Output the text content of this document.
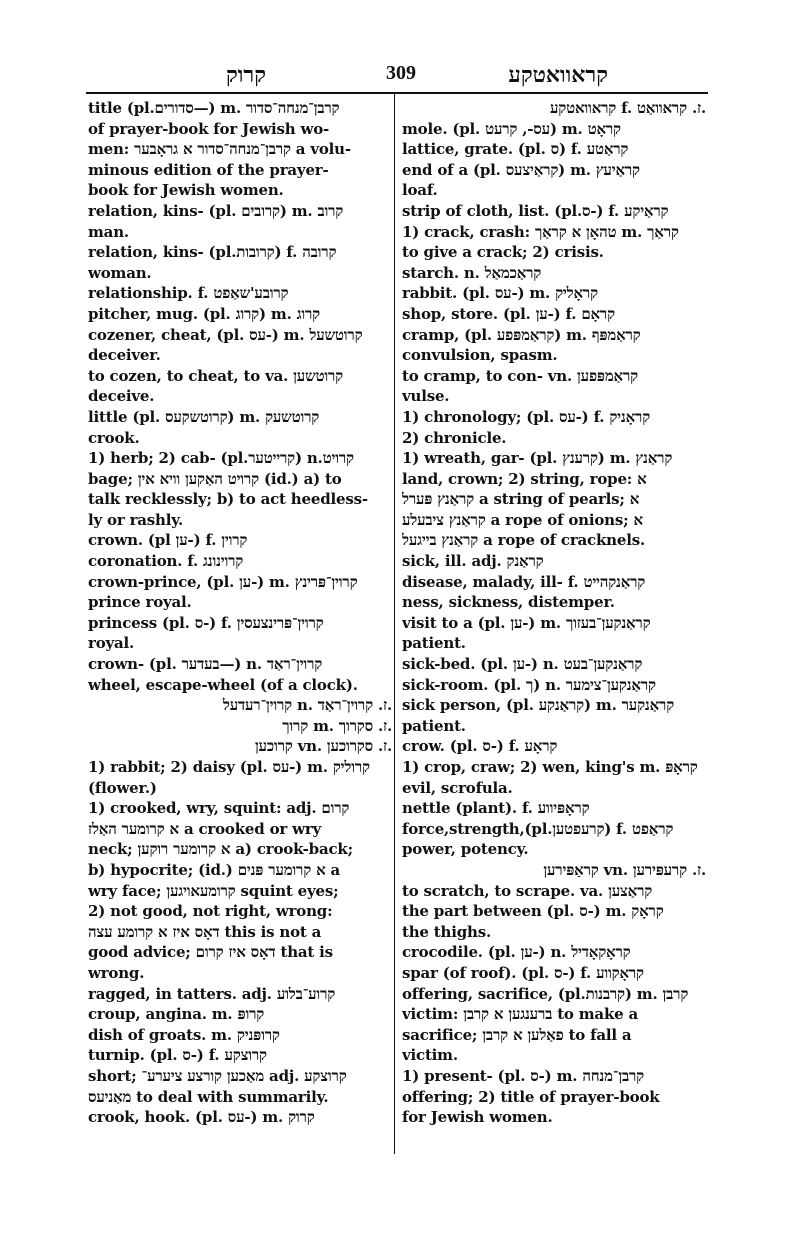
קרוק	309	קראוואטקע
title (pl.סדורים—) m. קרבן־מנחה־סדור
of prayer-book for Jewish wo-
men: קרבן־מנחה־סדור א גראָבער a volu-
minous edition of the prayer-
book for Jewish women.
relation, kins- (pl. קרובים) m. קרוב
man.
relation, kins- (pl.קרובות) f. קרובה
woman.
relationship. f. קרובע'שאַפט
pitcher, mug. (pl. קרוג) m. קרוג
cozener, cheat, (pl. עס-) m. קרוטשעל
deceiver.
to cozen, to cheat, to va. קרוטשען
deceive.
little (pl. קרוטשקעס) m. קרוטשעק
crook.
1) herb; 2) cab- (pl.קרייטער) n.קרויט
bage; קרויט האַקען וויא אין (id.) a) to
talk recklessly; b) to act heedless-
ly or rashly.
crown. (pl ען-) f. קרוין
coronation. f. קרוינונג
crown-prince, (pl. ען-) m. קרוין־פּרינץ
prince royal.
princess (pl. ס-) f. קרוין־פּרינצעסין
royal.
crown- (pl. בעדער—) n. קרוין־ראַד
wheel, escape-wheel (of a clock).
קרוין־רעדעל n. ז. קרוין־ראַד.
קרוך m. ז. סקרוך.
קרוכען vn. ז. סקרוכען.
1) rabbit; 2) daisy (pl. עס-) m. קרוליק
(flower.)
1) crooked, wry, squint: adj. קרום
א קרומער האַלז a crooked or wry
neck; א קרומער רוקען a) crook-back;
b) hypocrite; (id.) א קרומער פּנים a
wry face; קרומעאויגען squint eyes;
2) not good, not right, wrong:
דאָס איז א קרומע עצה this is not a
good advice; דאָס איז קרום that is
wrong.
ragged, in tatters. adj. קרוע־בלוע
croup, angina. m. קרופּ
dish of groats. m. קרופּניק
turnip. (pl. ס-) f. קרוצקע
short; מאַכען קורצע ציערע־ adj. קרוצקע
מאַניעס to deal with summarily.
crook, hook. (pl. עס-) m. קרוק
קראוואטקע f. ז. קראוואַט.
mole. (pl. עס-, קרעט) m. קראָט
lattice, grate. (pl. ס) f. קראַטע
end of a (pl. קראַיצעס) m. קראַיעץ
loaf.
strip of cloth, list. (pl.ס-) f. קראַיקע
1) crack, crash: טהאָן א קראַך m. קראַך
to give a crack; 2) crisis.
starch. n. קראַכמאַל
rabbit. (pl. עס-) m. קראָליק
shop, store. (pl. ען-) f. קראָם
cramp, (pl. קראַמפּפע) m. קראַמפּף
convulsion, spasm.
to cramp, to con- vn. קראַמפּפען
vulse.
1) chronology; (pl. עס-) f. קראָניק
2) chronicle.
1) wreath, gar- (pl. קרענץ) m. קראַנץ
land, crown; 2) string, rope: א
קראַנץ פּערל a string of pearls; א
קראַנץ ציבעלע a rope of onions; א
קראַנץ בייגעל a rope of cracknels.
sick, ill. adj. קראַנק
disease, malady, ill- f. קראַנקהייט
ness, sickness, distemper.
visit to a (pl. ען-) m. קראַנקען־בעזוך
patient.
sick-bed. (pl. ען-) n. קראַנקען־בעט
sick-room. (pl. ך) n. קראַנקען־צימער
sick person, (pl. קראַנקע) m. קראַנקער
patient.
crow. (pl. ס-) f. קראָע
1) crop, craw; 2) wen, king's m. קראָפּ
evil, scrofula.
nettle (plant). f. קראָפּיווע
force,strength,(pl.קרעפטען) f. קראַפט
power, potency.
קראַפּירען vn. ז. קרעפּירען.
to scratch, to scrape. va. קראַצען
the part between (pl. ס-) m. קראָק
the thighs.
crocodile. (pl. ען-) n. קראָקאָדיל
spar (of roof). (pl. ס-) f. קראָקווע
offering, sacrifice, (pl.קרבנות) m. קרבן
victim: ברענגען א קרבן to make a
sacrifice; פאַלען א קרבן to fall a
victim.
1) present- (pl. ס-) m. קרבן־מנחה
offering; 2) title of prayer-book
for Jewish women.
